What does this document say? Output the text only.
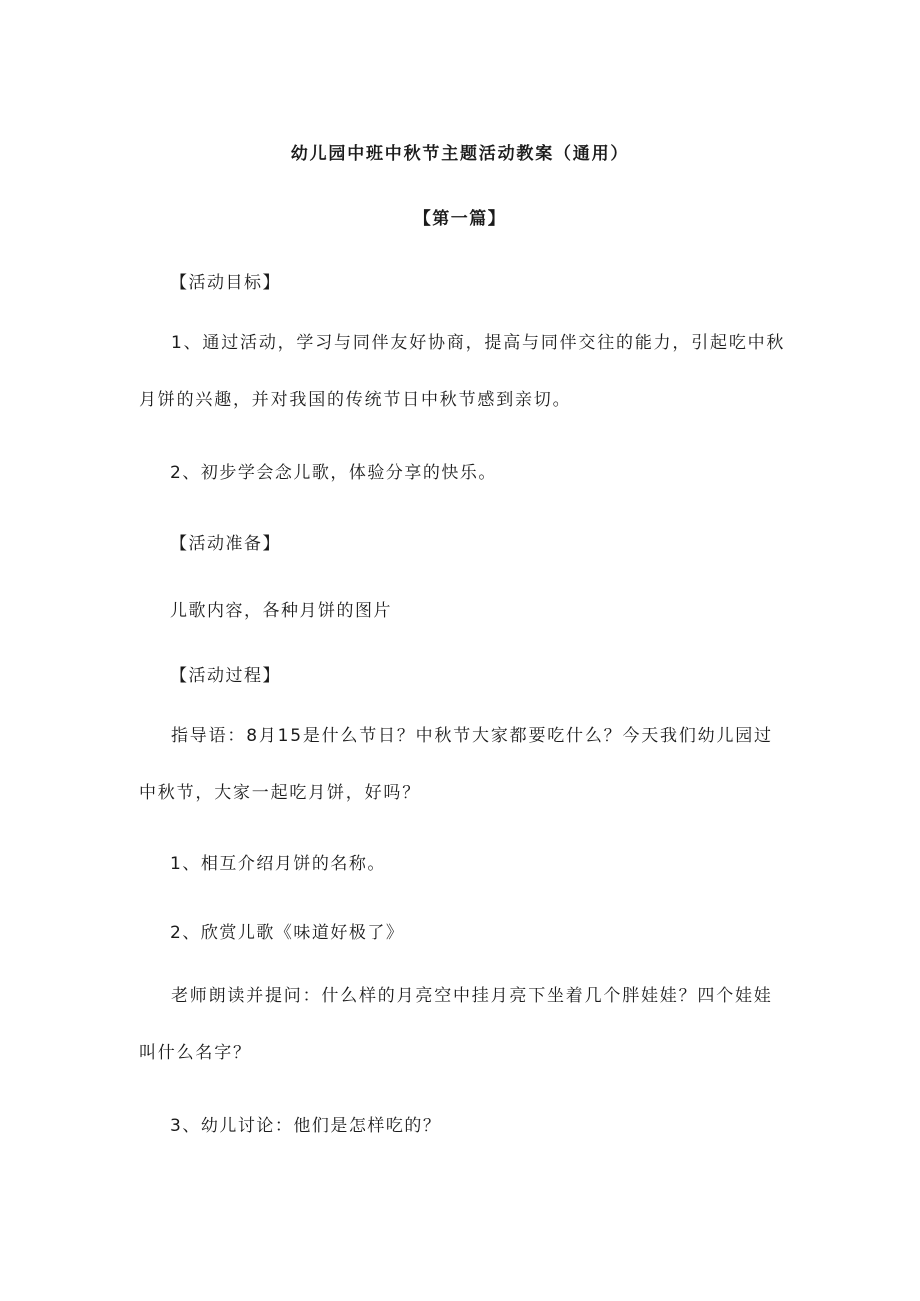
幼儿园中班中秋节主题活动教案（通用）

【第一篇】

【活动目标】

1、通过活动，学习与同伴友好协商，提高与同伴交往的能力，引起吃中秋月饼的兴趣，并对我国的传统节日中秋节感到亲切。

2、初步学会念儿歌，体验分享的快乐。

【活动准备】

儿歌内容，各种月饼的图片

【活动过程】

指导语：8月15是什么节日？中秋节大家都要吃什么？今天我们幼儿园过中秋节，大家一起吃月饼，好吗？

1、相互介绍月饼的名称。

2、欣赏儿歌《味道好极了》

老师朗读并提问：什么样的月亮空中挂月亮下坐着几个胖娃娃？四个娃娃叫什么名字？

3、幼儿讨论：他们是怎样吃的？
